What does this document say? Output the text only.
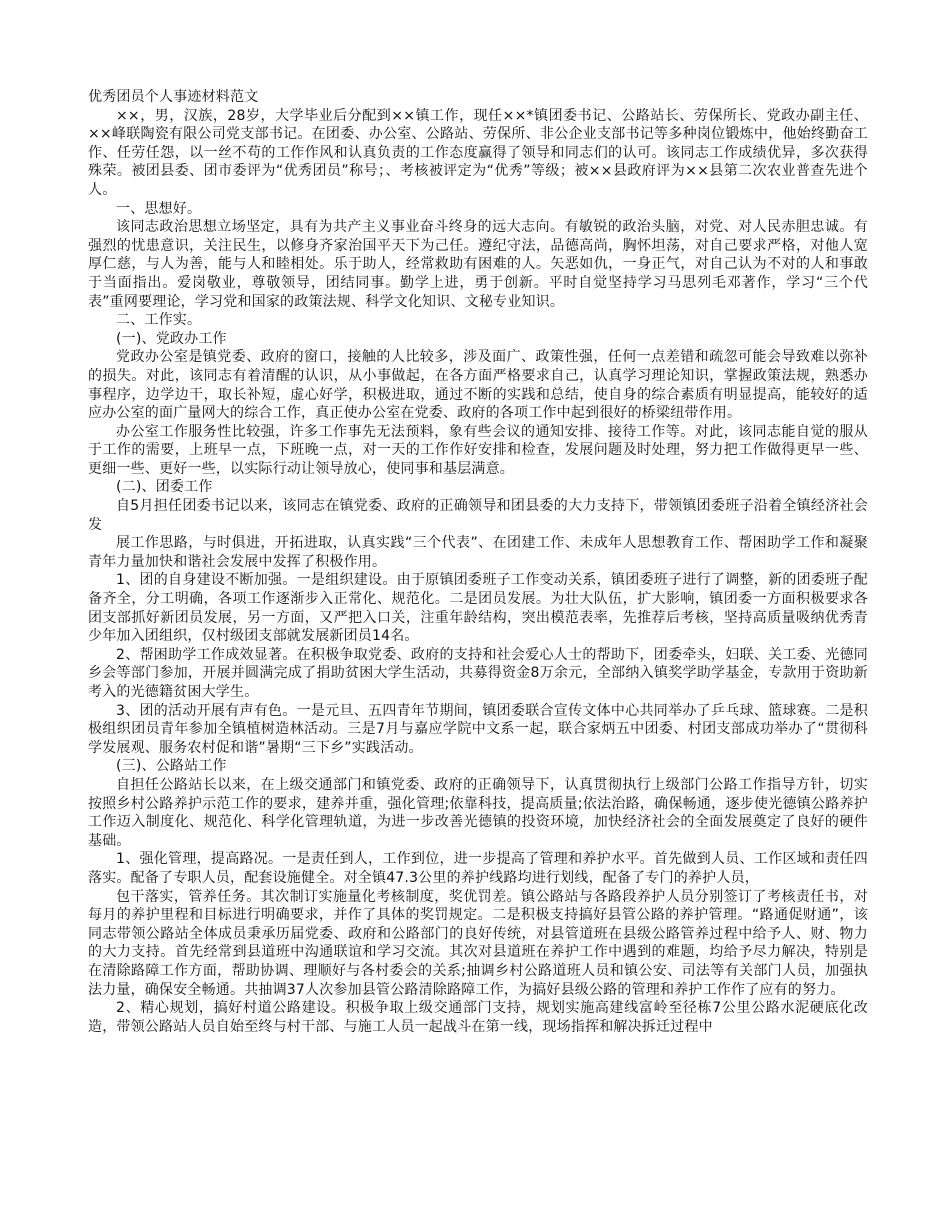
优秀团员个人事迹材料范文

××，男，汉族，28岁，大学毕业后分配到××镇工作，现任××*镇团委书记、公路站长、劳保所长、党政办副主任、××峰联陶瓷有限公司党支部书记。在团委、办公室、公路站、劳保所、非公企业支部书记等多种岗位锻炼中，他始终勤奋工作、任劳任怨，以一丝不苟的工作作风和认真负责的工作态度赢得了领导和同志们的认可。该同志工作成绩优异，多次获得殊荣。被团县委、团市委评为“优秀团员”称号；、考核被评定为“优秀”等级；被××县政府评为××县第二次农业普查先进个人。

一、思想好。

该同志政治思想立场坚定，具有为共产主义事业奋斗终身的远大志向。有敏锐的政治头脑，对党、对人民赤胆忠诚。有强烈的忧患意识，关注民生，以修身齐家治国平天下为己任。遵纪守法，品德高尚，胸怀坦荡，对自己要求严格，对他人宽厚仁慈，与人为善，能与人和睦相处。乐于助人，经常救助有困难的人。矢恶如仇，一身正气，对自己认为不对的人和事敢于当面指出。爱岗敬业，尊敬领导，团结同事。勤学上进，勇于创新。平时自觉坚持学习马思列毛邓著作，学习“三个代表”重网要理论，学习党和国家的政策法规、科学文化知识、文秘专业知识。

二、工作实。

(一)、党政办工作

党政办公室是镇党委、政府的窗口，接触的人比较多，涉及面广、政策性强，任何一点差错和疏忽可能会导致难以弥补的损失。对此，该同志有着清醒的认识，从小事做起，在各方面严格要求自己，认真学习理论知识，掌握政策法规，熟悉办事程序，边学边干，取长补短，虚心好学，积极进取，通过不断的实践和总结，使自身的综合素质有明显提高，能较好的适应办公室的面广量网大的综合工作，真正使办公室在党委、政府的各项工作中起到很好的桥梁纽带作用。

办公室工作服务性比较强，许多工作事先无法预料，象有些会议的通知安排、接待工作等。对此，该同志能自觉的服从于工作的需要，上班早一点，下班晚一点，对一天的工作作好安排和检查，发展问题及时处理，努力把工作做得更早一些、更细一些、更好一些，以实际行动让领导放心，使同事和基层满意。

(二)、团委工作

自5月担任团委书记以来，该同志在镇党委、政府的正确领导和团县委的大力支持下，带领镇团委班子沿着全镇经济社会发

展工作思路，与时俱进，开拓进取，认真实践“三个代表”、在团建工作、未成年人思想教育工作、帮困助学工作和凝聚青年力量加快和谐社会发展中发挥了积极作用。

1、团的自身建设不断加强。一是组织建设。由于原镇团委班子工作变动关系，镇团委班子进行了调整，新的团委班子配备齐全，分工明确，各项工作逐渐步入正常化、规范化。二是团员发展。为壮大队伍，扩大影响，镇团委一方面积极要求各团支部抓好新团员发展，另一方面，又严把入口关，注重年龄结构，突出模范表率，先推荐后考核，坚持高质量吸纳优秀青少年加入团组织，仅村级团支部就发展新团员14名。

2、帮困助学工作成效显著。在积极争取党委、政府的支持和社会爱心人士的帮助下，团委牵头，妇联、关工委、光德同乡会等部门参加，开展并圆满完成了捐助贫困大学生活动，共募得资金8万余元，全部纳入镇奖学助学基金，专款用于资助新考入的光德籍贫困大学生。

3、团的活动开展有声有色。一是元旦、五四青年节期间，镇团委联合宣传文体中心共同举办了乒乓球、篮球赛。二是积极组织团员青年参加全镇植树造林活动。三是7月与嘉应学院中文系一起，联合家炳五中团委、村团支部成功举办了“贯彻科学发展观、服务农村促和谐”暑期“三下乡”实践活动。

(三)、公路站工作

自担任公路站长以来，在上级交通部门和镇党委、政府的正确领导下，认真贯彻执行上级部门公路工作指导方针，切实按照乡村公路养护示范工作的要求，建养并重，强化管理;依靠科技，提高质量;依法治路，确保畅通，逐步使光德镇公路养护工作迈入制度化、规范化、科学化管理轨道，为进一步改善光德镇的投资环境，加快经济社会的全面发展奠定了良好的硬件基础。

1、强化管理，提高路况。一是责任到人，工作到位，进一步提高了管理和养护水平。首先做到人员、工作区域和责任四落实。配备了专职人员，配套设施健全。对全镇47.3公里的养护线路均进行划线，配备了专门的养护人员，

包干落实，管养任务。其次制订实施量化考核制度，奖优罚差。镇公路站与各路段养护人员分别签订了考核责任书，对每月的养护里程和目标进行明确要求，并作了具体的奖罚规定。二是积极支持搞好县管公路的养护管理。“路通促财通”，该同志带领公路站全体成员秉承历届党委、政府和公路部门的良好传统，对县管道班在县级公路管养过程中给予人、财、物力的大力支持。首先经常到县道班中沟通联谊和学习交流。其次对县道班在养护工作中遇到的难题，均给予尽力解决，特别是在清除路障工作方面，帮助协调、理顺好与各村委会的关系;抽调乡村公路道班人员和镇公安、司法等有关部门人员，加强执法力量，确保安全畅通。共抽调37人次参加县管公路清除路障工作，为搞好县级公路的管理和养护工作作了应有的努力。

2、精心规划，搞好村道公路建设。积极争取上级交通部门支持，规划实施高建线富岭至径栋7公里公路水泥硬底化改造，带领公路站人员自始至终与村干部、与施工人员一起战斗在第一线，现场指挥和解决拆迁过程中
